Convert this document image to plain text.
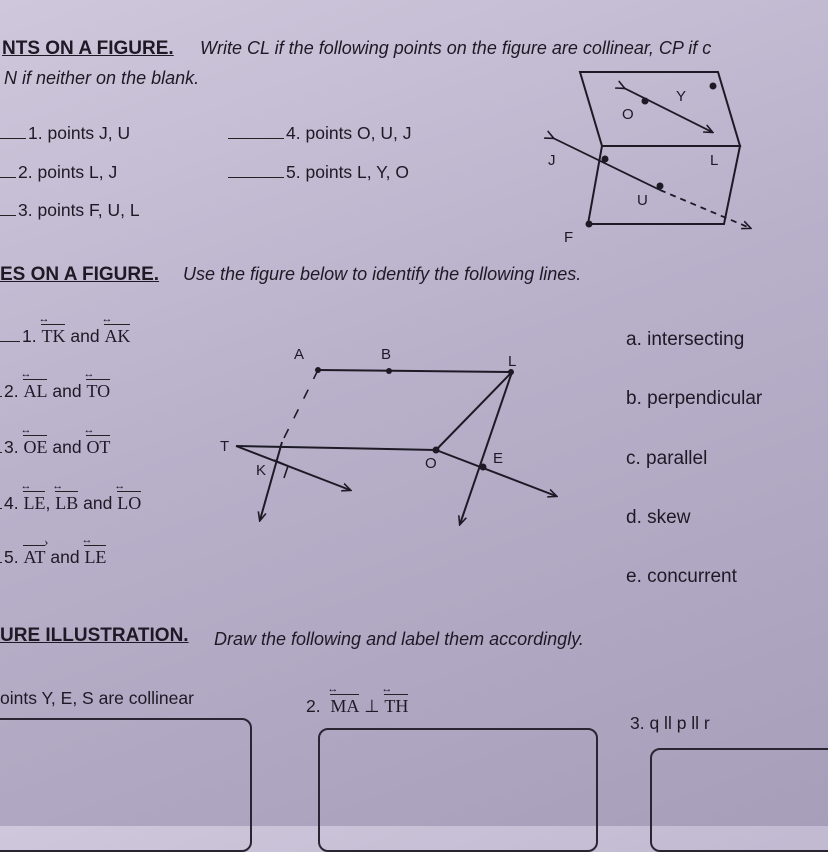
NTS ON A FIGURE. Write CL if the following points on the figure are collinear, CP if c
N if neither on the blank.
1. points J, U
2. points L, J
3. points F, U, L
4. points O, U, J
5. points L, Y, O
Y
O
J	L
U
F
ES ON A FIGURE. Use the figure below to identify the following lines.
1. TK ↔ and AK ↔
2. AL ↔ and TO ↔
3. OE ↔ and OT ↔
4. LE ↔, LB ↔ and LO ↔
5. AT › and LE ↔
a. intersecting
b. perpendicular
c. parallel
d. skew
e. concurrent
A	B	L
T
K	O	E
URE ILLUSTRATION. Draw the following and label them accordingly.
oints Y, E, S are collinear	2. MA ↔ ⊥ TH ↔
3. q ll p ll r
